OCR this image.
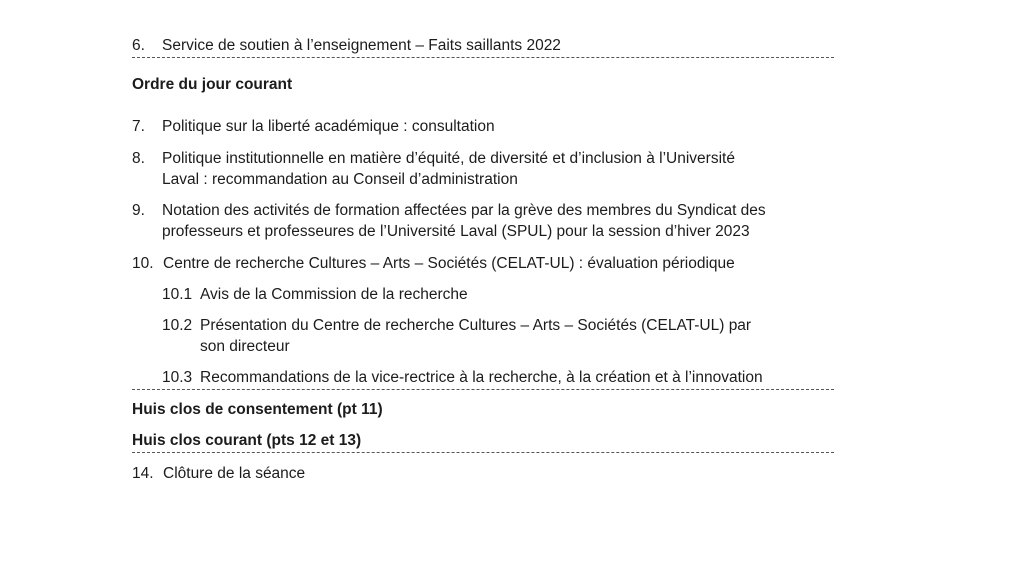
6. Service de soutien à l’enseignement – Faits saillants 2022
Ordre du jour courant
7. Politique sur la liberté académique : consultation
8. Politique institutionnelle en matière d’équité, de diversité et d’inclusion à l’Université
Laval : recommandation au Conseil d’administration
9. Notation des activités de formation affectées par la grève des membres du Syndicat des
professeurs et professeures de l’Université Laval (SPUL) pour la session d’hiver 2023
10. Centre de recherche Cultures – Arts – Sociétés (CELAT-UL) : évaluation périodique
10.1 Avis de la Commission de la recherche
10.2 Présentation du Centre de recherche Cultures – Arts – Sociétés (CELAT-UL) par
son directeur
10.3 Recommandations de la vice-rectrice à la recherche, à la création et à l’innovation
Huis clos de consentement (pt 11)
Huis clos courant (pts 12 et 13)
14. Clôture de la séance
